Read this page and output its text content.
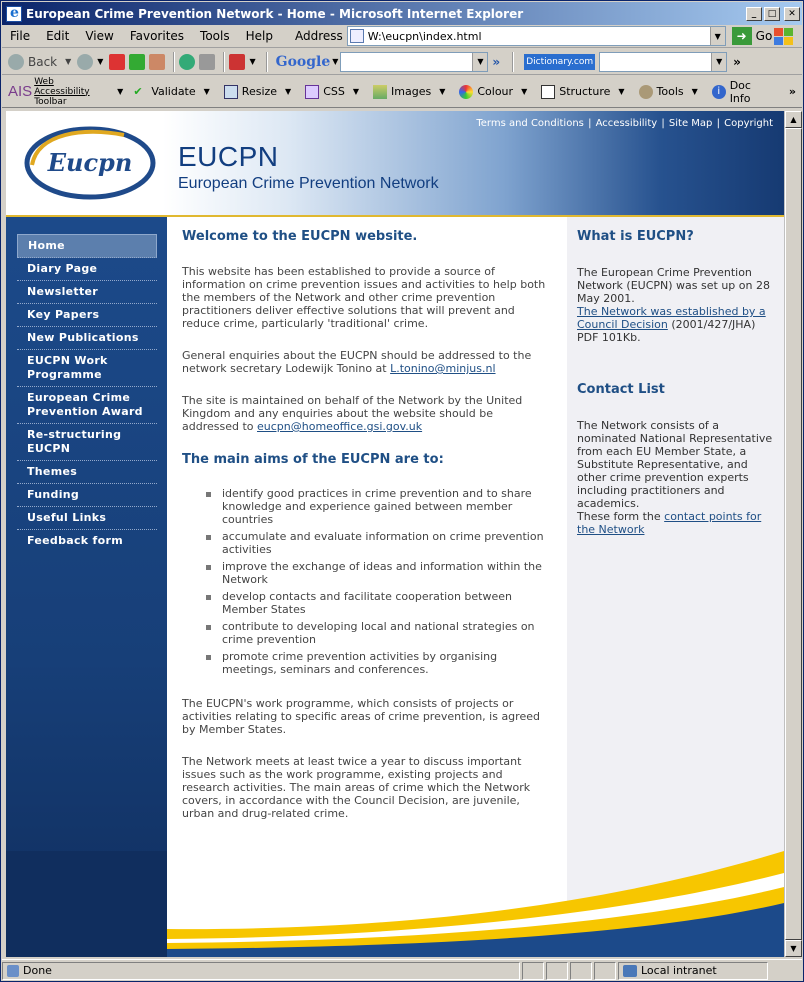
e
European Crime Prevention Network - Home - Microsoft Internet Explorer	_	□	✕
File	Edit	View	Favorites	Tools	Help	Address W:\eucpn\index.html	▼	➜ Go
Back ▼	▼	▼ Google ▼	▼ »	Dictionary.com	▼ »
AIS
Web Accessibility
Toolbar
▼ ✔ Validate ▼	Resize ▼	CSS ▼	Images ▼	Colour ▼	Structure ▼	Tools ▼	i Doc Info	»
Terms and Conditions | Accessibility | Site Map | Copyright
Eucpn EUCPN
European Crime Prevention Network
Home
Diary Page
Newsletter
Key Papers
New Publications
EUCPN Work Programme
European Crime Prevention Award
Re-structuring EUCPN
Themes
Funding
Useful Links
Feedback form
Welcome to the EUCPN website.

This website has been established to provide a source of information on crime prevention issues and activities to help both the members of the Network and other crime prevention practitioners deliver effective solutions that will prevent and reduce crime, particularly 'traditional' crime.

General enquiries about the EUCPN should be addressed to the network secretary Lodewijk Tonino at L.tonino@minjus.nl

The site is maintained on behalf of the Network by the United Kingdom and any enquiries about the website should be addressed to eucpn@homeoffice.gsi.gov.uk

The main aims of the EUCPN are to:
identify good practices in crime prevention and to share knowledge and experience gained between member countries
accumulate and evaluate information on crime prevention activities
improve the exchange of ideas and information within the Network
develop contacts and facilitate cooperation between Member States
contribute to developing local and national strategies on crime prevention
promote crime prevention activities by organising meetings, seminars and conferences.

The EUCPN's work programme, which consists of projects or activities relating to specific areas of crime prevention, is agreed by Member States.

The Network meets at least twice a year to discuss important issues such as the work programme, existing projects and research activities. The main areas of crime which the Network covers, in accordance with the Council Decision, are juvenile, urban and drug-related crime.

What is EUCPN?

The European Crime Prevention Network (EUCPN) was set up on 28 May 2001.
The Network was established by a Council Decision (2001/427/JHA) PDF 101Kb.

Contact List

The Network consists of a nominated National Representative from each EU Member State, a Substitute Representative, and other crime prevention experts including practitioners and academics.
These form the contact points for the Network

▲
▼
Done	Local intranet
